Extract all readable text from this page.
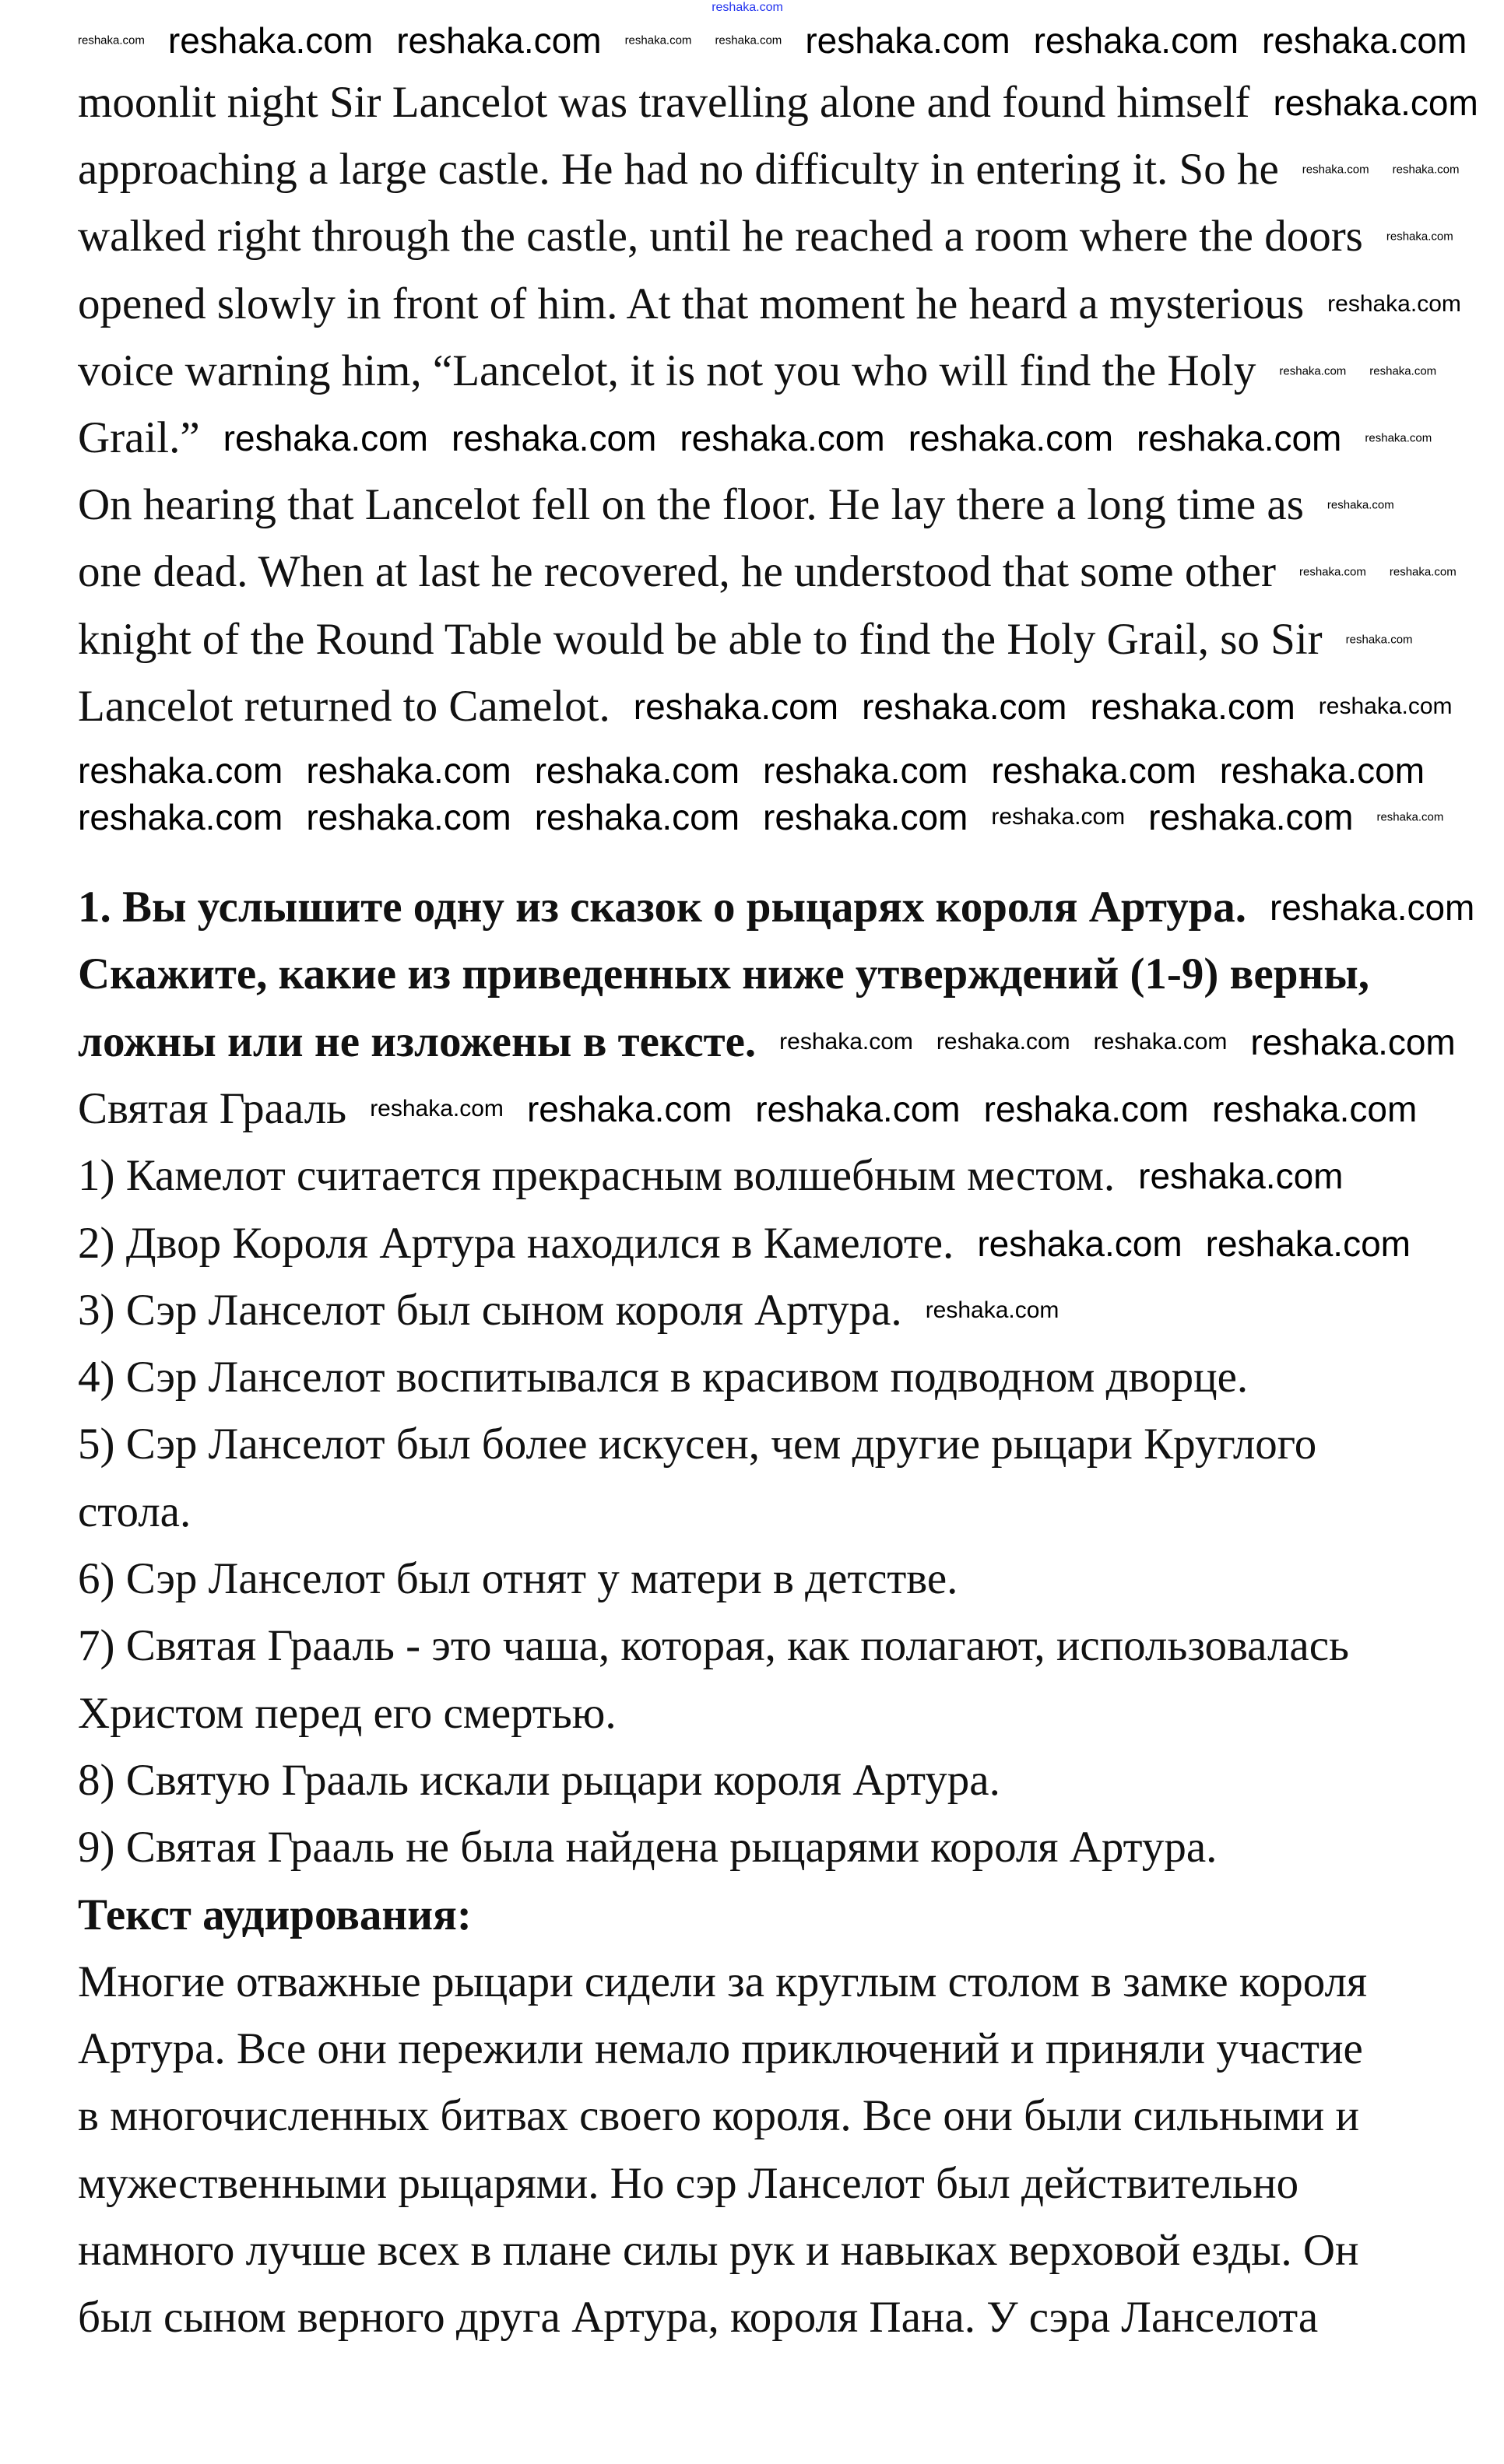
moonlit night Sir Lancelot was travelling alone and found himself
approaching a large castle. He had no difficulty in entering it. So he
walked right through the castle, until he reached a room where the doors
opened slowly in front of him. At that moment he heard a mysterious
voice warning him, “Lancelot, it is not you who will find the Holy
Grail.”
On hearing that Lancelot fell on the floor. He lay there a long time as
one dead. When at last he recovered, he understood that some other
knight of the Round Table would be able to find the Holy Grail, so Sir
Lancelot returned to Camelot.
1. Вы услышите одну из сказок о рыцарях короля Артура.
Скажите, какие из приведенных ниже утверждений (1-9) верны,
ложны или не изложены в тексте.
Святая Грааль
1) Камелот считается прекрасным волшебным местом.
2) Двор Короля Артура находился в Камелоте.
3) Сэр Ланселот был сыном короля Артура.
4) Сэр Ланселот воспитывался в красивом подводном дворце.
5) Сэр Ланселот был более искусен, чем другие рыцари Круглого
стола.
6) Сэр Ланселот был отнят у матери в детстве.
7) Святая Грааль - это чаша, которая, как полагают, использовалась
Христом перед его смертью.
8) Святую Грааль искали рыцари короля Артура.
9) Святая Грааль не была найдена рыцарями короля Артура.
Текст аудирования:
Многие отважные рыцари сидели за круглым столом в замке короля
Артура. Все они пережили немало приключений и приняли участие
в многочисленных битвах своего короля. Все они были сильными и
мужественными рыцарями. Но сэр Ланселот был действительно
намного лучше всех в плане силы рук и навыках верховой езды. Он
был сыном верного друга Артура, короля Пана. У сэра Ланселота
reshaka.com
reshaka.com reshaka.com reshaka.com reshaka.com reshaka.com reshaka.com reshaka.com reshaka.com
reshaka.com
reshaka.com reshaka.com reshaka.com reshaka.com reshaka.com
reshaka.com
reshaka.com
reshaka.com
reshaka.com
reshaka.com
reshaka.com
reshaka.com reshaka.com
reshaka.com
reshaka.com
reshaka.com reshaka.com reshaka.com
reshaka.com
reshaka.com
reshaka.com
reshaka.com reshaka.com
reshaka.com
reshaka.com
reshaka.com
reshaka.com
reshaka.com reshaka.com
reshaka.com
reshaka.com
reshaka.com
reshaka.com reshaka.com reshaka.com reshaka.com
reshaka.com reshaka.com reshaka.com
reshaka.com
reshaka.com reshaka.com
reshaka.com
reshaka.com reshaka.com
reshaka.com
reshaka.com
